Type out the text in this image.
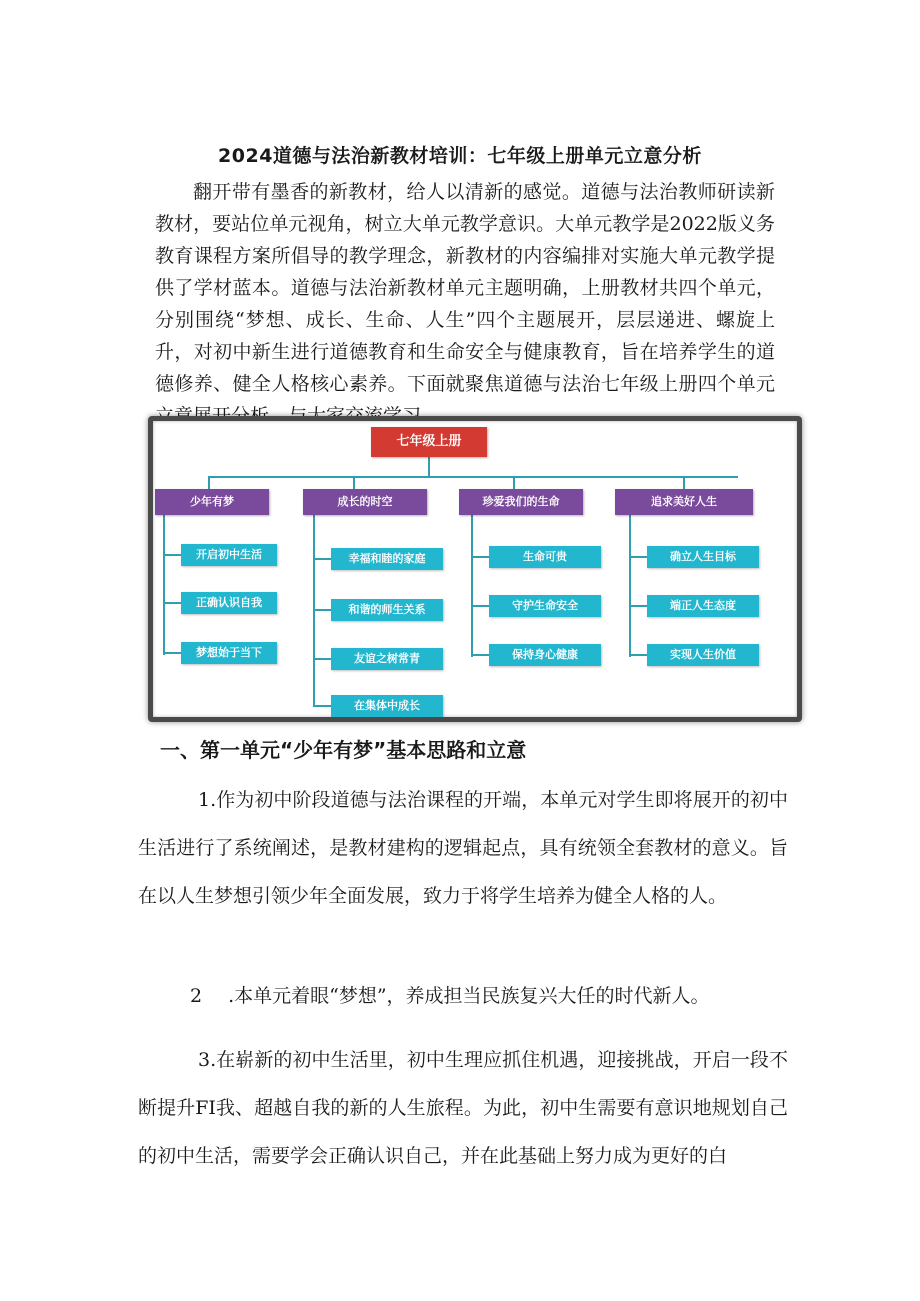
2024道德与法治新教材培训：七年级上册单元立意分析

翻开带有墨香的新教材，给人以清新的感觉。道德与法治教师研读新教材，要站位单元视角，树立大单元教学意识。大单元教学是2022版义务教育课程方案所倡导的教学理念，新教材的内容编排对实施大单元教学提供了学材蓝本。道德与法治新教材单元主题明确，上册教材共四个单元，分别围绕“梦想、成长、生命、人生”四个主题展开，层层递进、螺旋上升，对初中新生进行道德教育和生命安全与健康教育，旨在培养学生的道德修养、健全人格核心素养。下面就聚焦道德与法治七年级上册四个单元

七年级上册
少年有梦	成长的时空	珍爱我们的生命	追求美好人生
开启初中生活
正确认识自我
梦想始于当下
幸福和睦的家庭
和谐的师生关系
友谊之树常青
在集体中成长
生命可贵
守护生命安全
保持身心健康
确立人生目标
端正人生态度
实现人生价值
一、第一单元“少年有梦”基本思路和立意

1.作为初中阶段道德与法治课程的开端，本单元对学生即将展开的初中生活进行了系统阐述，是教材建构的逻辑起点，具有统领全套教材的意义。旨在以人生梦想引领少年全面发展，致力于将学生培养为健全人格的人。

2 .本单元着眼“梦想”，养成担当民族复兴大任的时代新人。

3.在崭新的初中生活里，初中生理应抓住机遇，迎接挑战，开启一段不断提升FI我、超越自我的新的人生旅程。为此，初中生需要有意识地规划自己的初中生活，需要学会正确认识自己，并在此基础上努力成为更好的白
